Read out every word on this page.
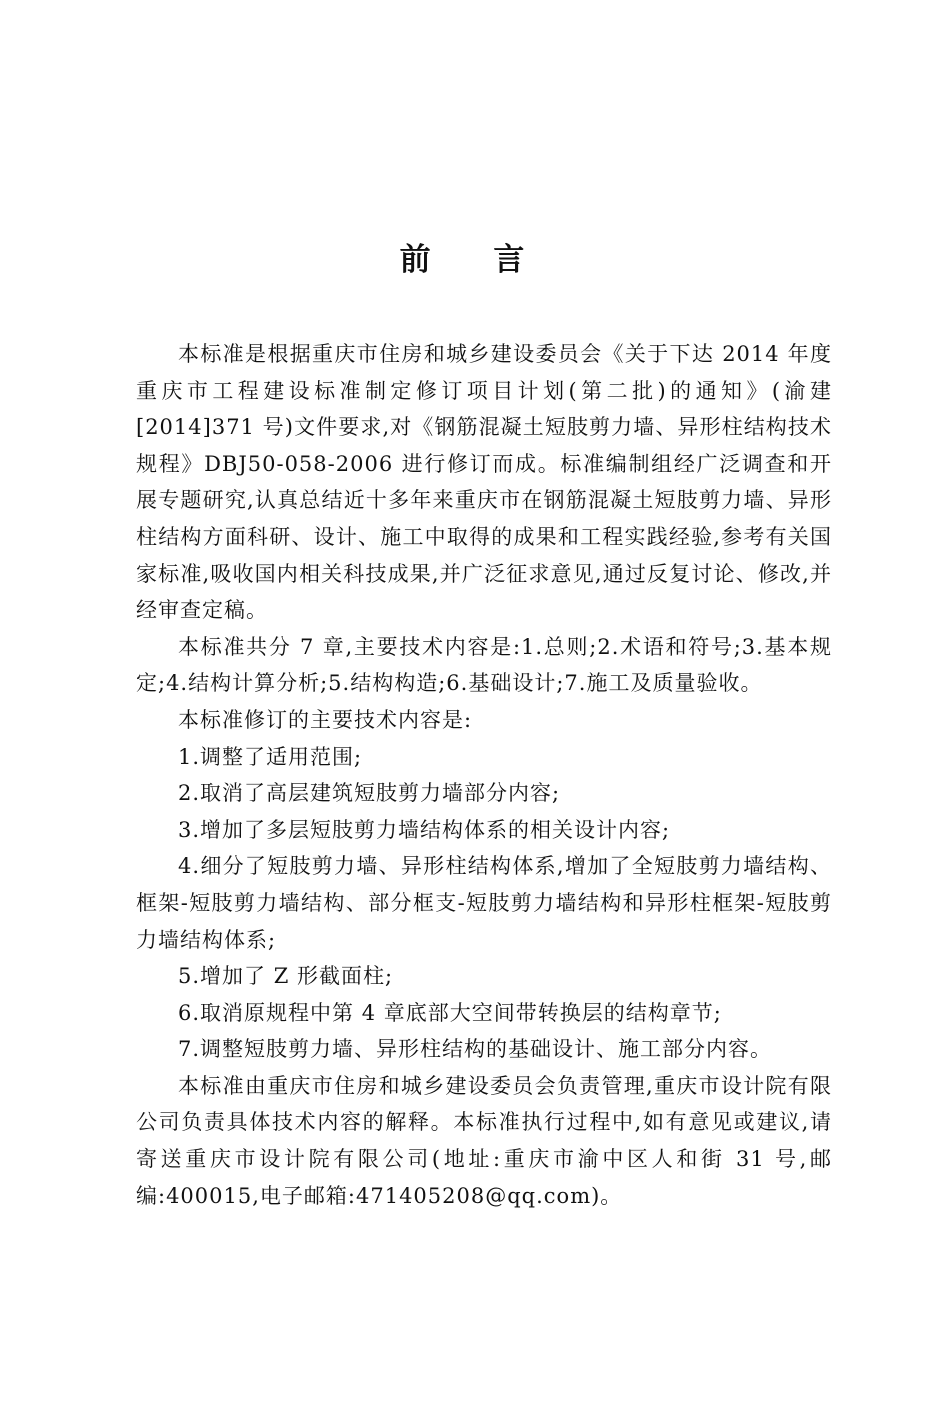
前 言

本标准是根据重庆市住房和城乡建设委员会《关于下达 2014 年度重庆市工程建设标准制定修订项目计划(第二批)的通知》(渝建[2014]371 号)文件要求,对《钢筋混凝土短肢剪力墙、异形柱结构技术规程》DBJ50-058-2006 进行修订而成。标准编制组经广泛调查和开展专题研究,认真总结近十多年来重庆市在钢筋混凝土短肢剪力墙、异形柱结构方面科研、设计、施工中取得的成果和工程实践经验,参考有关国家标准,吸收国内相关科技成果,并广泛征求意见,通过反复讨论、修改,并经审查定稿。

本标准共分 7 章,主要技术内容是:1.总则;2.术语和符号;3.基本规定;4.结构计算分析;5.结构构造;6.基础设计;7.施工及质量验收。

本标准修订的主要技术内容是:

1.调整了适用范围;

2.取消了高层建筑短肢剪力墙部分内容;

3.增加了多层短肢剪力墙结构体系的相关设计内容;

4.细分了短肢剪力墙、异形柱结构体系,增加了全短肢剪力墙结构、框架-短肢剪力墙结构、部分框支-短肢剪力墙结构和异形柱框架-短肢剪力墙结构体系;

5.增加了 Z 形截面柱;

6.取消原规程中第 4 章底部大空间带转换层的结构章节;

7.调整短肢剪力墙、异形柱结构的基础设计、施工部分内容。

本标准由重庆市住房和城乡建设委员会负责管理,重庆市设计院有限公司负责具体技术内容的解释。本标准执行过程中,如有意见或建议,请寄送重庆市设计院有限公司(地址:重庆市渝中区人和街 31 号,邮编:400015,电子邮箱:471405208@qq.com)。
